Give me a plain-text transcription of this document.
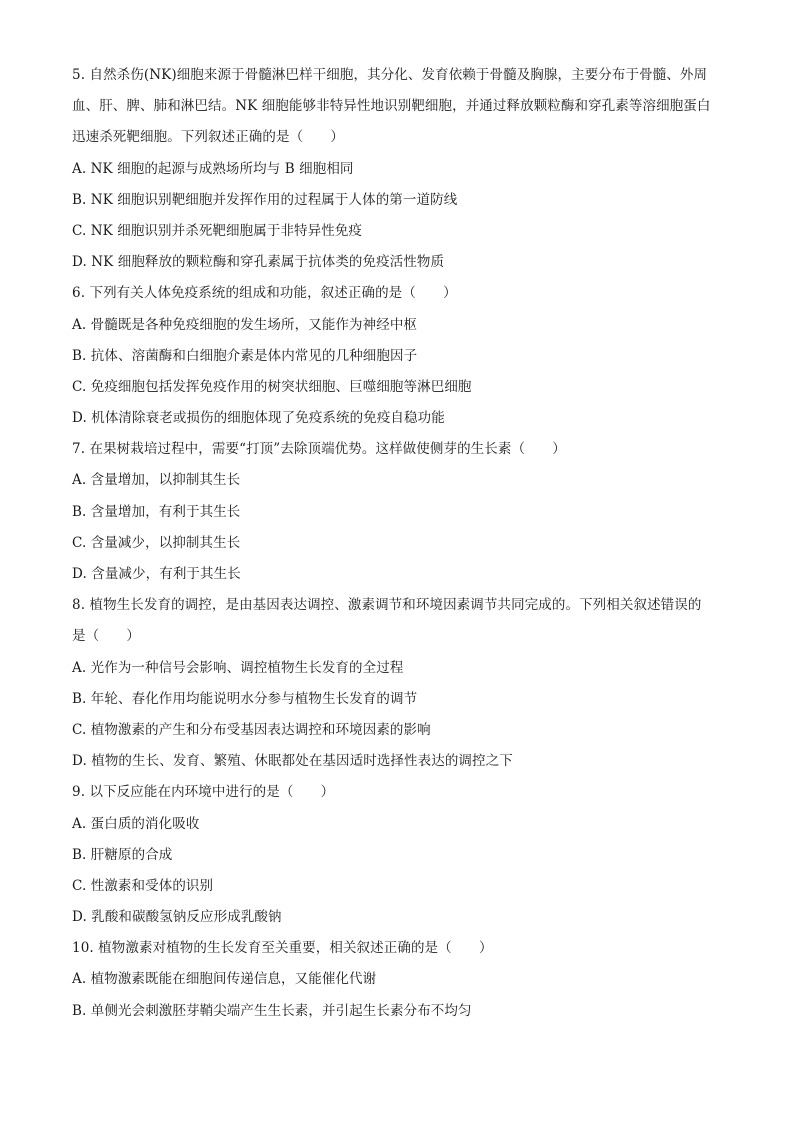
5. 自然杀伤(NK)细胞来源于骨髓淋巴样干细胞，其分化、发育依赖于骨髓及胸腺，主要分布于骨髓、外周
血、肝、脾、肺和淋巴结。NK 细胞能够非特异性地识别靶细胞，并通过释放颗粒酶和穿孔素等溶细胞蛋白
迅速杀死靶细胞。下列叙述正确的是（　　）
A. NK 细胞的起源与成熟场所均与 B 细胞相同
B. NK 细胞识别靶细胞并发挥作用的过程属于人体的第一道防线
C. NK 细胞识别并杀死靶细胞属于非特异性免疫
D. NK 细胞释放的颗粒酶和穿孔素属于抗体类的免疫活性物质
6. 下列有关人体免疫系统的组成和功能，叙述正确的是（　　）
A. 骨髓既是各种免疫细胞的发生场所，又能作为神经中枢
B. 抗体、溶菌酶和白细胞介素是体内常见的几种细胞因子
C. 免疫细胞包括发挥免疫作用的树突状细胞、巨噬细胞等淋巴细胞
D. 机体清除衰老或损伤的细胞体现了免疫系统的免疫自稳功能
7. 在果树栽培过程中，需要“打顶”去除顶端优势。这样做使侧芽的生长素（　　）
A. 含量增加，以抑制其生长
B. 含量增加，有利于其生长
C. 含量减少，以抑制其生长
D. 含量减少，有利于其生长
8. 植物生长发育的调控，是由基因表达调控、激素调节和环境因素调节共同完成的。下列相关叙述错误的
是（　　）
A. 光作为一种信号会影响、调控植物生长发育的全过程
B. 年轮、春化作用均能说明水分参与植物生长发育的调节
C. 植物激素的产生和分布受基因表达调控和环境因素的影响
D. 植物的生长、发育、繁殖、休眠都处在基因适时选择性表达的调控之下
9. 以下反应能在内环境中进行的是（　　）
A. 蛋白质的消化吸收
B. 肝糖原的合成
C. 性激素和受体的识别
D. 乳酸和碳酸氢钠反应形成乳酸钠
10. 植物激素对植物的生长发育至关重要，相关叙述正确的是（　　）
A. 植物激素既能在细胞间传递信息，又能催化代谢
B. 单侧光会刺激胚芽鞘尖端产生生长素，并引起生长素分布不均匀
